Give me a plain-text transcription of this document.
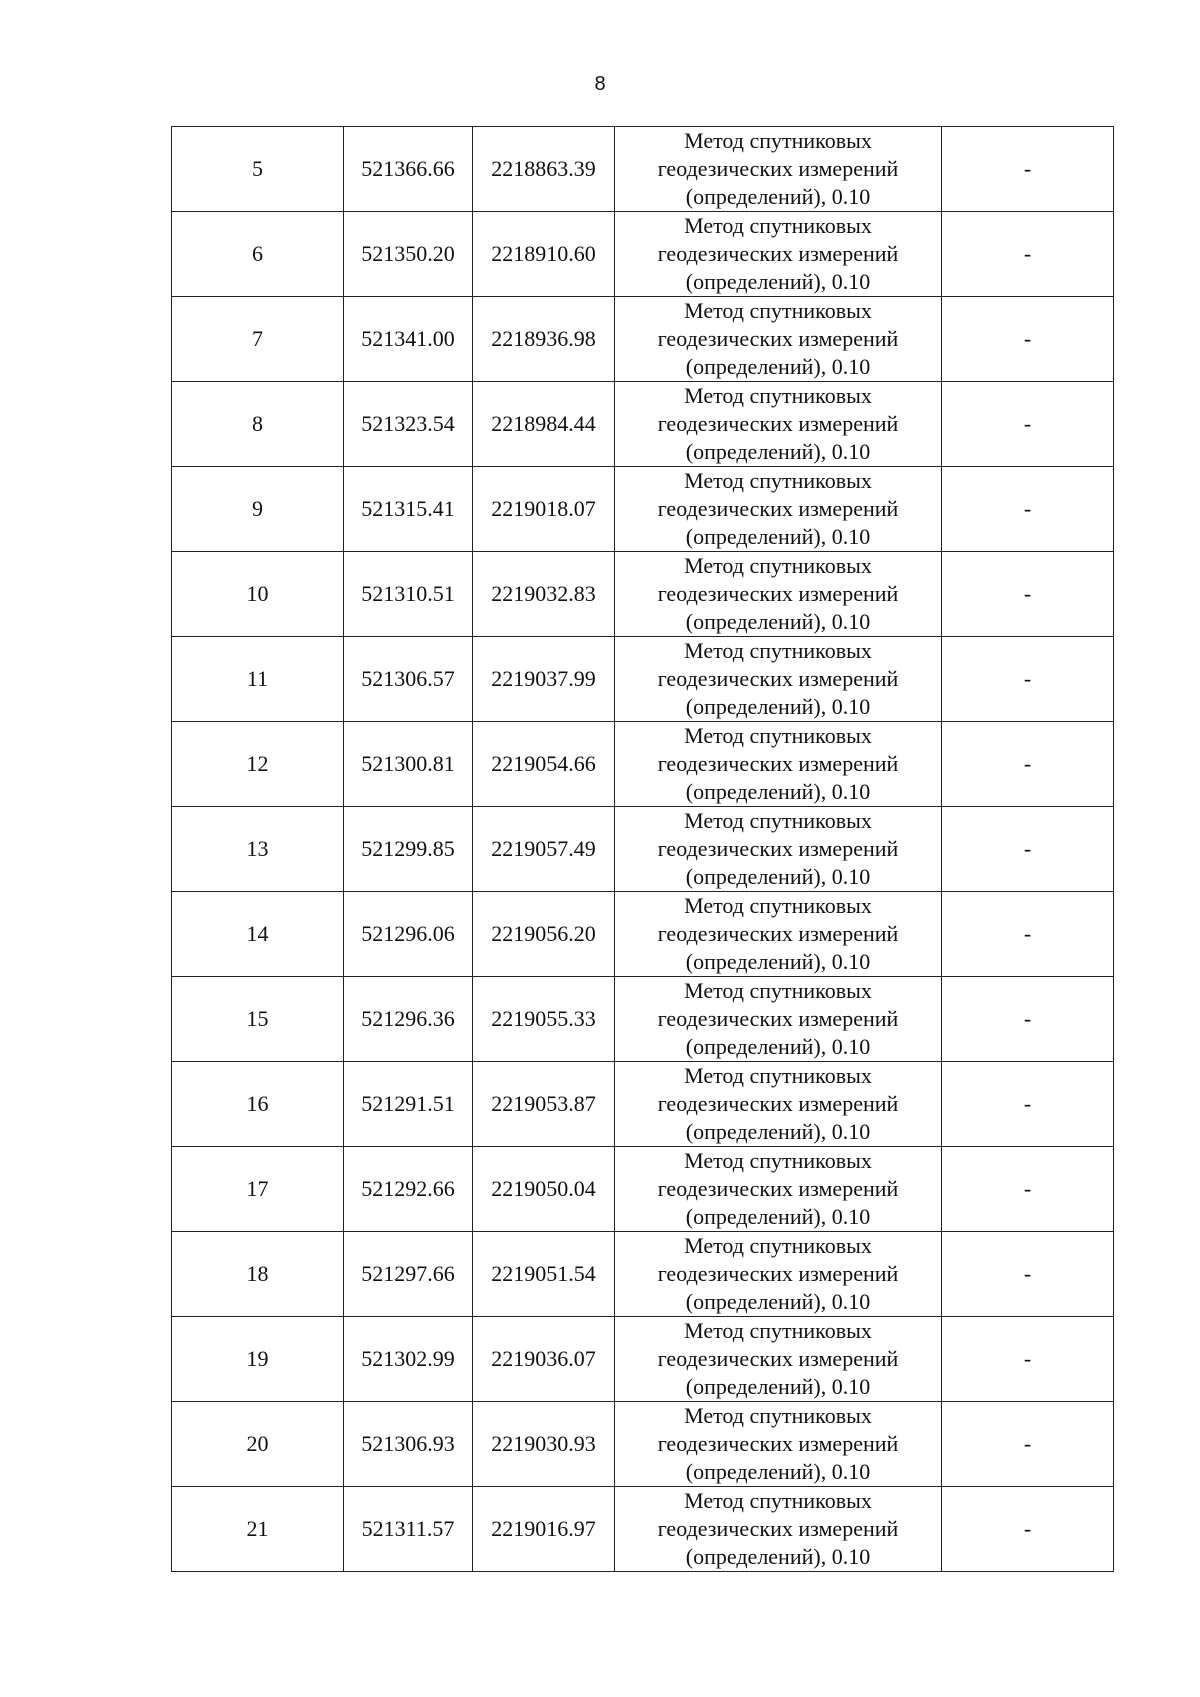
8
5	521366.66	2218863.39	Метод спутниковых
геодезических измерений
(определений), 0.10	-
6	521350.20	2218910.60	Метод спутниковых
геодезических измерений
(определений), 0.10	-
7	521341.00	2218936.98	Метод спутниковых
геодезических измерений
(определений), 0.10	-
8	521323.54	2218984.44	Метод спутниковых
геодезических измерений
(определений), 0.10	-
9	521315.41	2219018.07	Метод спутниковых
геодезических измерений
(определений), 0.10	-
10	521310.51	2219032.83	Метод спутниковых
геодезических измерений
(определений), 0.10	-
11	521306.57	2219037.99	Метод спутниковых
геодезических измерений
(определений), 0.10	-
12	521300.81	2219054.66	Метод спутниковых
геодезических измерений
(определений), 0.10	-
13	521299.85	2219057.49	Метод спутниковых
геодезических измерений
(определений), 0.10	-
14	521296.06	2219056.20	Метод спутниковых
геодезических измерений
(определений), 0.10	-
15	521296.36	2219055.33	Метод спутниковых
геодезических измерений
(определений), 0.10	-
16	521291.51	2219053.87	Метод спутниковых
геодезических измерений
(определений), 0.10	-
17	521292.66	2219050.04	Метод спутниковых
геодезических измерений
(определений), 0.10	-
18	521297.66	2219051.54	Метод спутниковых
геодезических измерений
(определений), 0.10	-
19	521302.99	2219036.07	Метод спутниковых
геодезических измерений
(определений), 0.10	-
20	521306.93	2219030.93	Метод спутниковых
геодезических измерений
(определений), 0.10	-
21	521311.57	2219016.97	Метод спутниковых
геодезических измерений
(определений), 0.10	-
